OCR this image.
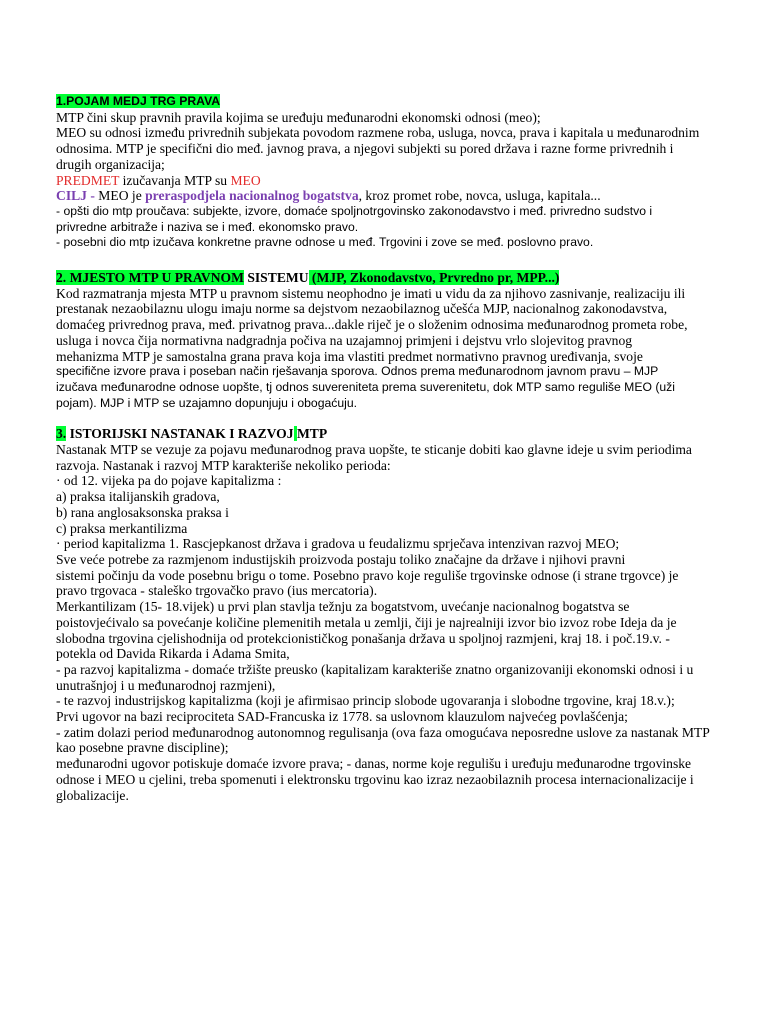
1.POJAM MEDJ TRG PRAVA
MTP čini skup pravnih pravila kojima se uređuju međunarodni ekonomski odnosi (meo);
MEO su odnosi između privrednih subjekata povodom razmene roba, usluga, novca, prava i kapitala u međunarodnim
odnosima. MTP je specifični dio međ. javnog prava, a njegovi subjekti su pored država i razne forme privrednih i
drugih organizacija;
PREDMET izučavanja MTP su MEO
CILJ - MEO je preraspodjela nacionalnog bogatstva, kroz promet robe, novca, usluga, kapitala...
- opšti dio mtp proučava: subjekte, izvore, domaće spoljnotrgovinsko zakonodavstvo i međ. privredno sudstvo i
privredne arbitraže i naziva se i međ. ekonomsko pravo.
- posebni dio mtp izučava konkretne pravne odnose u međ. Trgovini i zove se međ. poslovno pravo.
2. MJESTO MTP U PRAVNOM SISTEMU (MJP, Zkonodavstvo, Prvredno pr, MPP...)
Kod razmatranja mjesta MTP u pravnom sistemu neophodno je imati u vidu da za njihovo zasnivanje, realizaciju ili
prestanak nezaobilaznu ulogu imaju norme sa dejstvom nezaobilaznog učešća MJP, nacionalnog zakonodavstva,
domaćeg privrednog prava, međ. privatnog prava...dakle riječ je o složenim odnosima međunarodnog prometa robe,
usluga i novca čija normativna nadgradnja počiva na uzajamnoj primjeni i dejstvu vrlo slojevitog pravnog
mehanizma MTP je samostalna grana prava koja ima vlastiti predmet normativno pravnog uređivanja, svoje
specifične izvore prava i poseban način rješavanja sporova. Odnos prema međunarodnom javnom pravu – MJP
izučava međunarodne odnose uopšte, tj odnos suvereniteta prema suverenitetu, dok MTP samo reguliše MEO (uži
pojam). MJP i MTP se uzajamno dopunjuju i obogaćuju.
3. ISTORIJSKI NASTANAK I RAZVOJ MTP
Nastanak MTP se vezuje za pojavu međunarodnog prava uopšte, te sticanje dobiti kao glavne ideje u svim periodima
razvoja. Nastanak i razvoj MTP karakteriše nekoliko perioda:
· od 12. vijeka pa do pojave kapitalizma :
a) praksa italijanskih gradova,
b) rana anglosaksonska praksa i
c) praksa merkantilizma
· period kapitalizma 1. Rascjepkanost država i gradova u feudalizmu sprječava intenzivan razvoj MEO;
Sve veće potrebe za razmjenom industijskih proizvoda postaju toliko značajne da države i njihovi pravni
sistemi počinju da vode posebnu brigu o tome. Posebno pravo koje reguliše trgovinske odnose (i strane trgovce) je
pravo trgovaca - staleško trgovačko pravo (ius mercatoria).
Merkantilizam (15- 18.vijek) u prvi plan stavlja težnju za bogatstvom, uvećanje nacionalnog bogatstva se
poistovjećivalo sa povećanje količine plemenitih metala u zemlji, čiji je najrealniji izvor bio izvoz robe Ideja da je
slobodna trgovina cjelishodnija od protekcionističkog ponašanja država u spoljnoj razmjeni, kraj 18. i poč.19.v. -
potekla od Davida Rikarda i Adama Smita,
- pa razvoj kapitalizma - domaće tržište preusko (kapitalizam karakteriše znatno organizovaniji ekonomski odnosi i u
unutrašnjoj i u međunarodnoj razmjeni),
- te razvoj industrijskog kapitalizma (koji je afirmisao princip slobode ugovaranja i slobodne trgovine, kraj 18.v.);
Prvi ugovor na bazi reciprociteta SAD-Francuska iz 1778. sa uslovnom klauzulom najvećeg povlašćenja;
- zatim dolazi period međunarodnog autonomnog regulisanja (ova faza omogućava neposredne uslove za nastanak MTP
kao posebne pravne discipline);
međunarodni ugovor potiskuje domaće izvore prava; - danas, norme koje regulišu i uređuju međunarodne trgovinske
odnose i MEO u cjelini, treba spomenuti i elektronsku trgovinu kao izraz nezaobilaznih procesa internacionalizacije i
globalizacije.
